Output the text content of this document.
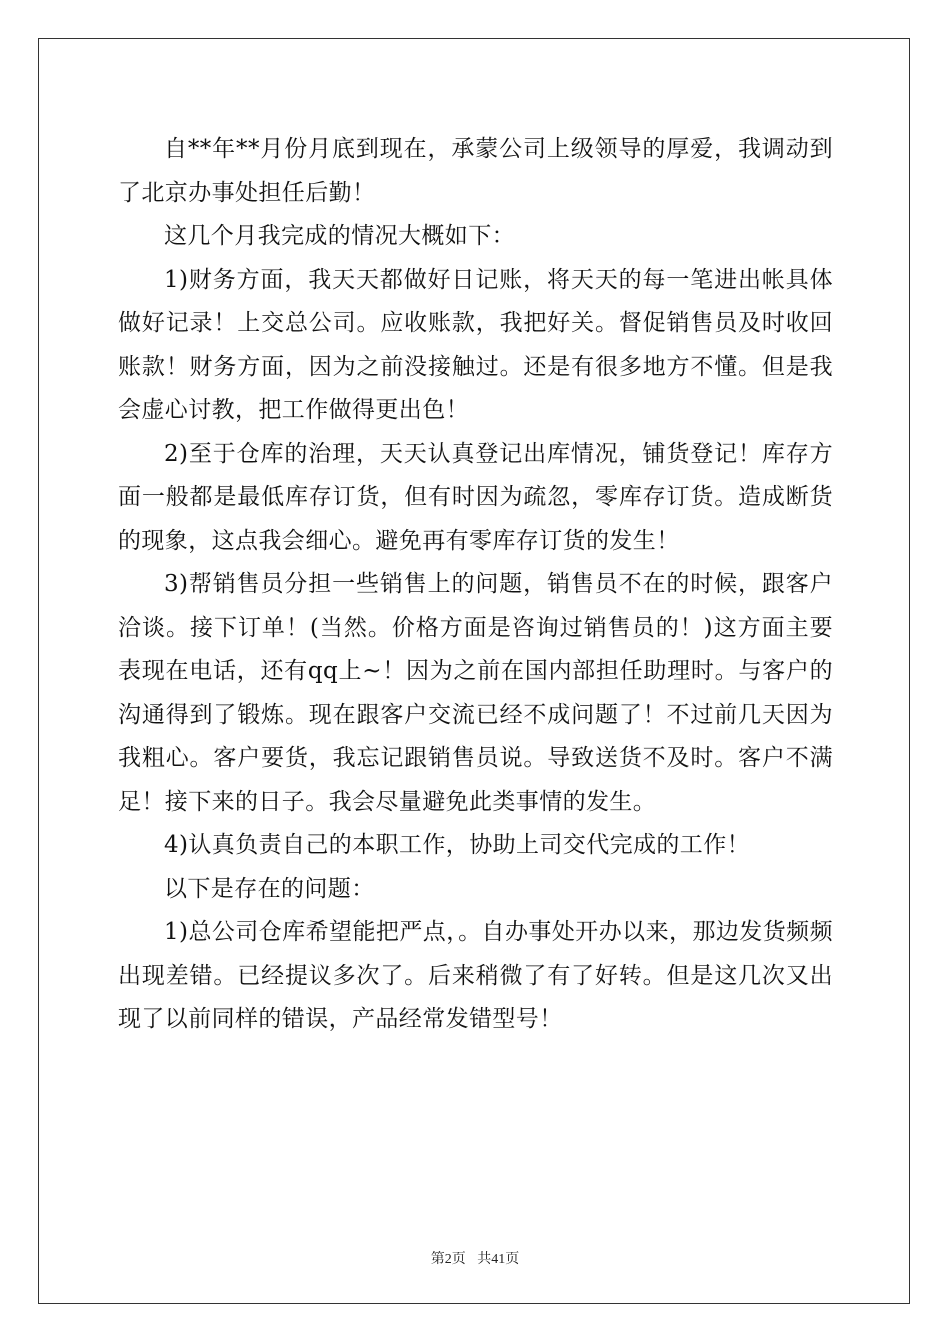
自**年**月份月底到现在，承蒙公司上级领导的厚爱，我调动到了北京办事处担任后勤！

这几个月我完成的情况大概如下：

1)财务方面，我天天都做好日记账，将天天的每一笔进出帐具体做好记录！上交总公司。应收账款，我把好关。督促销售员及时收回账款！财务方面，因为之前没接触过。还是有很多地方不懂。但是我会虚心讨教，把工作做得更出色！

2)至于仓库的治理，天天认真登记出库情况，铺货登记！库存方面一般都是最低库存订货，但有时因为疏忽，零库存订货。造成断货的现象，这点我会细心。避免再有零库存订货的发生！

3)帮销售员分担一些销售上的问题，销售员不在的时候，跟客户洽谈。接下订单！(当然。价格方面是咨询过销售员的！)这方面主要表现在电话，还有qq上~！因为之前在国内部担任助理时。与客户的沟通得到了锻炼。现在跟客户交流已经不成问题了！不过前几天因为我粗心。客户要货，我忘记跟销售员说。导致送货不及时。客户不满足！接下来的日子。我会尽量避免此类事情的发生。

4)认真负责自己的本职工作，协助上司交代完成的工作！

以下是存在的问题：

1)总公司仓库希望能把严点，。自办事处开办以来，那边发货频频出现差错。已经提议多次了。后来稍微了有了好转。但是这几次又出现了以前同样的错误，产品经常发错型号！

第2页 共41页
